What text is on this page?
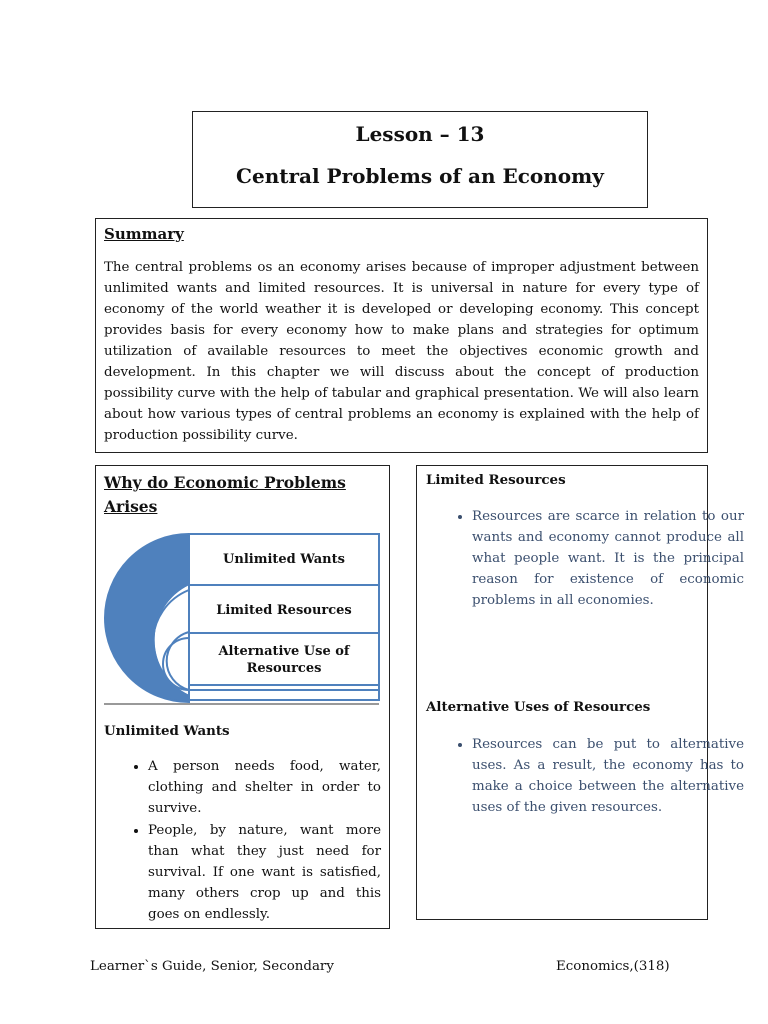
Lesson – 13
Central Problems of an Economy
Summary

The central problems os an economy arises because of improper adjustment between unlimited wants and limited resources. It is universal in nature for every type of economy of the world weather it is developed or developing economy. This concept provides basis for every economy how to make plans and strategies for optimum utilization of available resources to meet the objectives economic growth and development. In this chapter we will discuss about the concept of production possibility curve with the help of tabular and graphical presentation. We will also learn about how various types of central problems an economy is explained with the help of production possibility curve.

Why do Economic Problems Arises
Unlimited Wants
Limited Resources
Alternative Use of
Resources
Unlimited Wants
• A person needs food, water, clothing and shelter in order to survive.
• People, by nature, want more than what they just need for survival. If one want is satisfied, many others crop up and this goes on endlessly.
Limited Resources
• Resources are scarce in relation to our wants and economy cannot produce all what people want. It is the principal reason for existence of economic problems in all economies.
Alternative Uses of Resources
• Resources can be put to alternative uses. As a result, the economy has to make a choice between the alternative uses of the given resources.
Learner`s Guide, Senior, Secondary	Economics,(318)
